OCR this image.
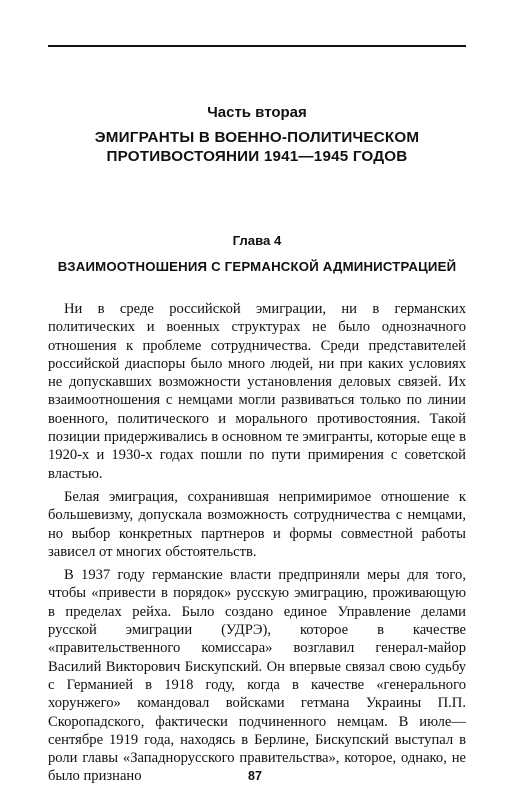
Часть вторая
ЭМИГРАНТЫ В ВОЕННО-ПОЛИТИЧЕСКОМ ПРОТИВОСТОЯНИИ 1941—1945 ГОДОВ
Глава 4
ВЗАИМООТНОШЕНИЯ С ГЕРМАНСКОЙ АДМИНИСТРАЦИЕЙ

Ни в среде российской эмиграции, ни в германских политических и военных структурах не было однозначного отношения к проблеме сотрудничества. Среди представителей российской диаспоры было много людей, ни при каких условиях не допускавших возможности установления деловых связей. Их взаимоотношения с немцами могли развиваться только по линии военного, политического и морального противостояния. Такой позиции придерживались в основном те эмигранты, которые еще в 1920-х и 1930-х годах пошли по пути примирения с советской властью.

Белая эмиграция, сохранившая непримиримое отношение к большевизму, допускала возможность сотрудничества с немцами, но выбор конкретных партнеров и формы совместной работы зависел от многих обстоятельств.

В 1937 году германские власти предприняли меры для того, чтобы «привести в порядок» русскую эмиграцию, проживающую в пределах рейха. Было создано единое Управление делами русской эмиграции (УДРЭ), которое в качестве «правительственного комиссара» возглавил генерал-майор Василий Викторович Бискупский. Он впервые связал свою судьбу с Германией в 1918 году, когда в качестве «генерального хорунжего» командовал войсками гетмана Украины П.П. Скоропадского, фактически подчиненного немцам. В июле—сентябре 1919 года, находясь в Берлине, Бискупский выступал в роли главы «Западнорусского правительства», которое, однако, не было признано	87
